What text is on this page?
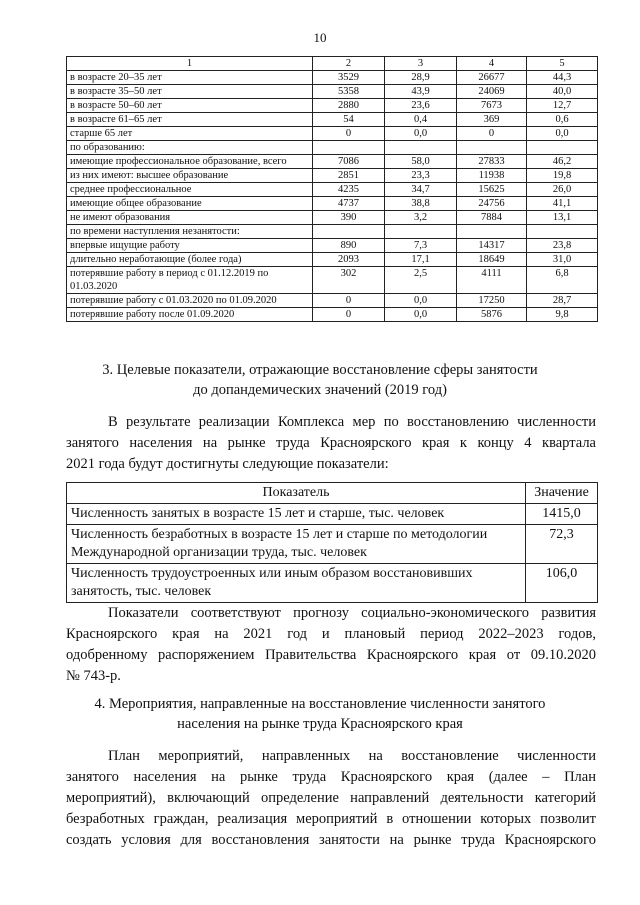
10
1	2	3	4	5
в возрасте 20–35 лет	3529	28,9	26677	44,3
в возрасте 35–50 лет	5358	43,9	24069	40,0
в возрасте 50–60 лет	2880	23,6	7673	12,7
в возрасте 61–65 лет	54	0,4	369	0,6
старше 65 лет	0	0,0	0	0,0
по образованию:				
имеющие профессиональное образование, всего	7086	58,0	27833	46,2
из них имеют: высшее образование	2851	23,3	11938	19,8
среднее профессиональное	4235	34,7	15625	26,0
имеющие общее образование	4737	38,8	24756	41,1
не имеют образования	390	3,2	7884	13,1
по времени наступления незанятости:				
впервые ищущие работу	890	7,3	14317	23,8
длительно неработающие (более года)	2093	17,1	18649	31,0
потерявшие работу в период с 01.12.2019 по 01.03.2020	302	2,5	4111	6,8
потерявшие работу с 01.03.2020 по 01.09.2020	0	0,0	17250	28,7
потерявшие работу после 01.09.2020	0	0,0	5876	9,8
3. Целевые показатели, отражающие восстановление сферы занятости
до допандемических значений (2019 год)
В результате реализации Комплекса мер по восстановлению численности
занятого населения на рынке труда Красноярского края к концу 4 квартала
2021 года будут достигнуты следующие показатели:
Показатель	Значение
Численность занятых в возрасте 15 лет и старше, тыс. человек	1415,0
Численность безработных в возрасте 15 лет и старше по методологии Международной организации труда, тыс. человек	72,3
Численность трудоустроенных или иным образом восстановивших занятость, тыс. человек	106,0
Показатели соответствуют прогнозу социально-экономического развития
Красноярского края на 2021 год и плановый период 2022–2023 годов,
одобренному распоряжением Правительства Красноярского края от 09.10.2020
№ 743-р.
4. Мероприятия, направленные на восстановление численности занятого
населения на рынке труда Красноярского края
План мероприятий, направленных на восстановление численности
занятого населения на рынке труда Красноярского края (далее – План
мероприятий), включающий определение направлений деятельности категорий
безработных граждан, реализация мероприятий в отношении которых позволит
создать условия для восстановления занятости на рынке труда Красноярского
